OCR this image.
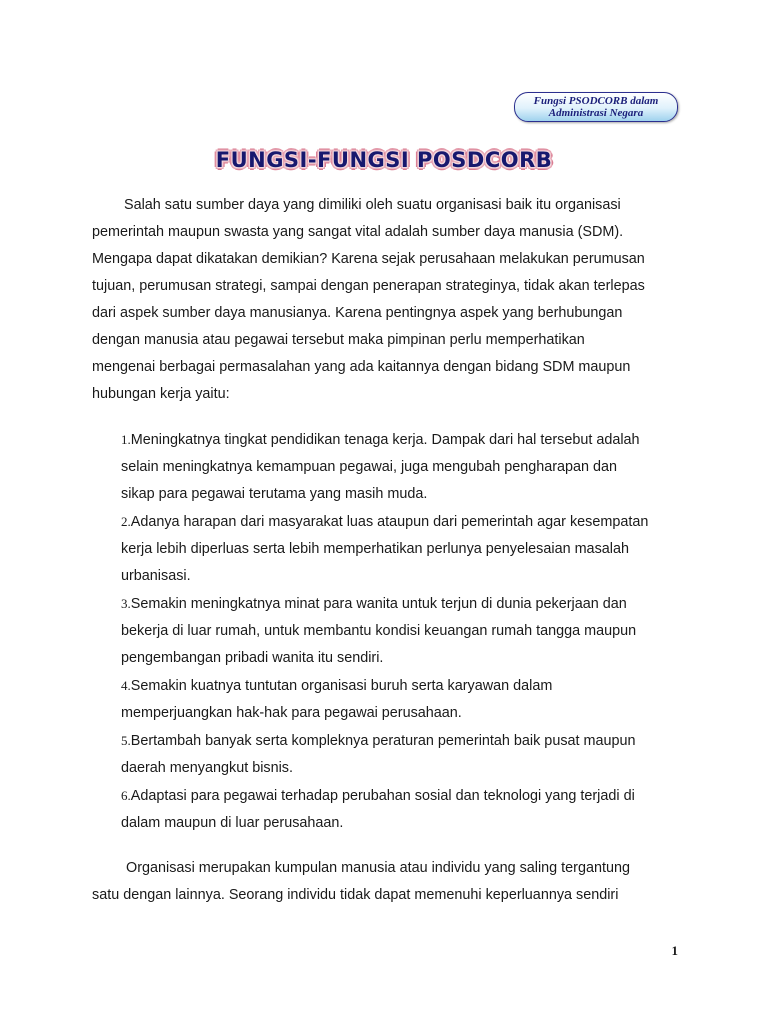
Fungsi PSODCORB dalam
Administrasi Negara
FUNGSI-FUNGSI POSDCORB

Salah satu sumber daya yang dimiliki oleh suatu organisasi baik itu organisasi
pemerintah maupun swasta yang sangat vital adalah sumber daya manusia (SDM).
Mengapa dapat dikatakan demikian? Karena sejak perusahaan melakukan perumusan
tujuan, perumusan strategi, sampai dengan penerapan strateginya, tidak akan terlepas
dari aspek sumber daya manusianya. Karena pentingnya aspek yang berhubungan
dengan manusia atau pegawai tersebut maka pimpinan perlu memperhatikan
mengenai berbagai permasalahan yang ada kaitannya dengan bidang SDM maupun
hubungan kerja yaitu:

1.Meningkatnya tingkat pendidikan tenaga kerja. Dampak dari hal tersebut adalah
selain meningkatnya kemampuan pegawai, juga mengubah pengharapan dan
sikap para pegawai terutama yang masih muda.
2.Adanya harapan dari masyarakat luas ataupun dari pemerintah agar kesempatan
kerja lebih diperluas serta lebih memperhatikan perlunya penyelesaian masalah
urbanisasi.
3.Semakin meningkatnya minat para wanita untuk terjun di dunia pekerjaan dan
bekerja di luar rumah, untuk membantu kondisi keuangan rumah tangga maupun
pengembangan pribadi wanita itu sendiri.
4.Semakin kuatnya tuntutan organisasi buruh serta karyawan dalam
memperjuangkan hak-hak para pegawai perusahaan.
5.Bertambah banyak serta kompleknya peraturan pemerintah baik pusat maupun
daerah menyangkut bisnis.
6.Adaptasi para pegawai terhadap perubahan sosial dan teknologi yang terjadi di
dalam maupun di luar perusahaan.

Organisasi merupakan kumpulan manusia atau individu yang saling tergantung
satu dengan lainnya. Seorang individu tidak dapat memenuhi keperluannya sendiri

1
